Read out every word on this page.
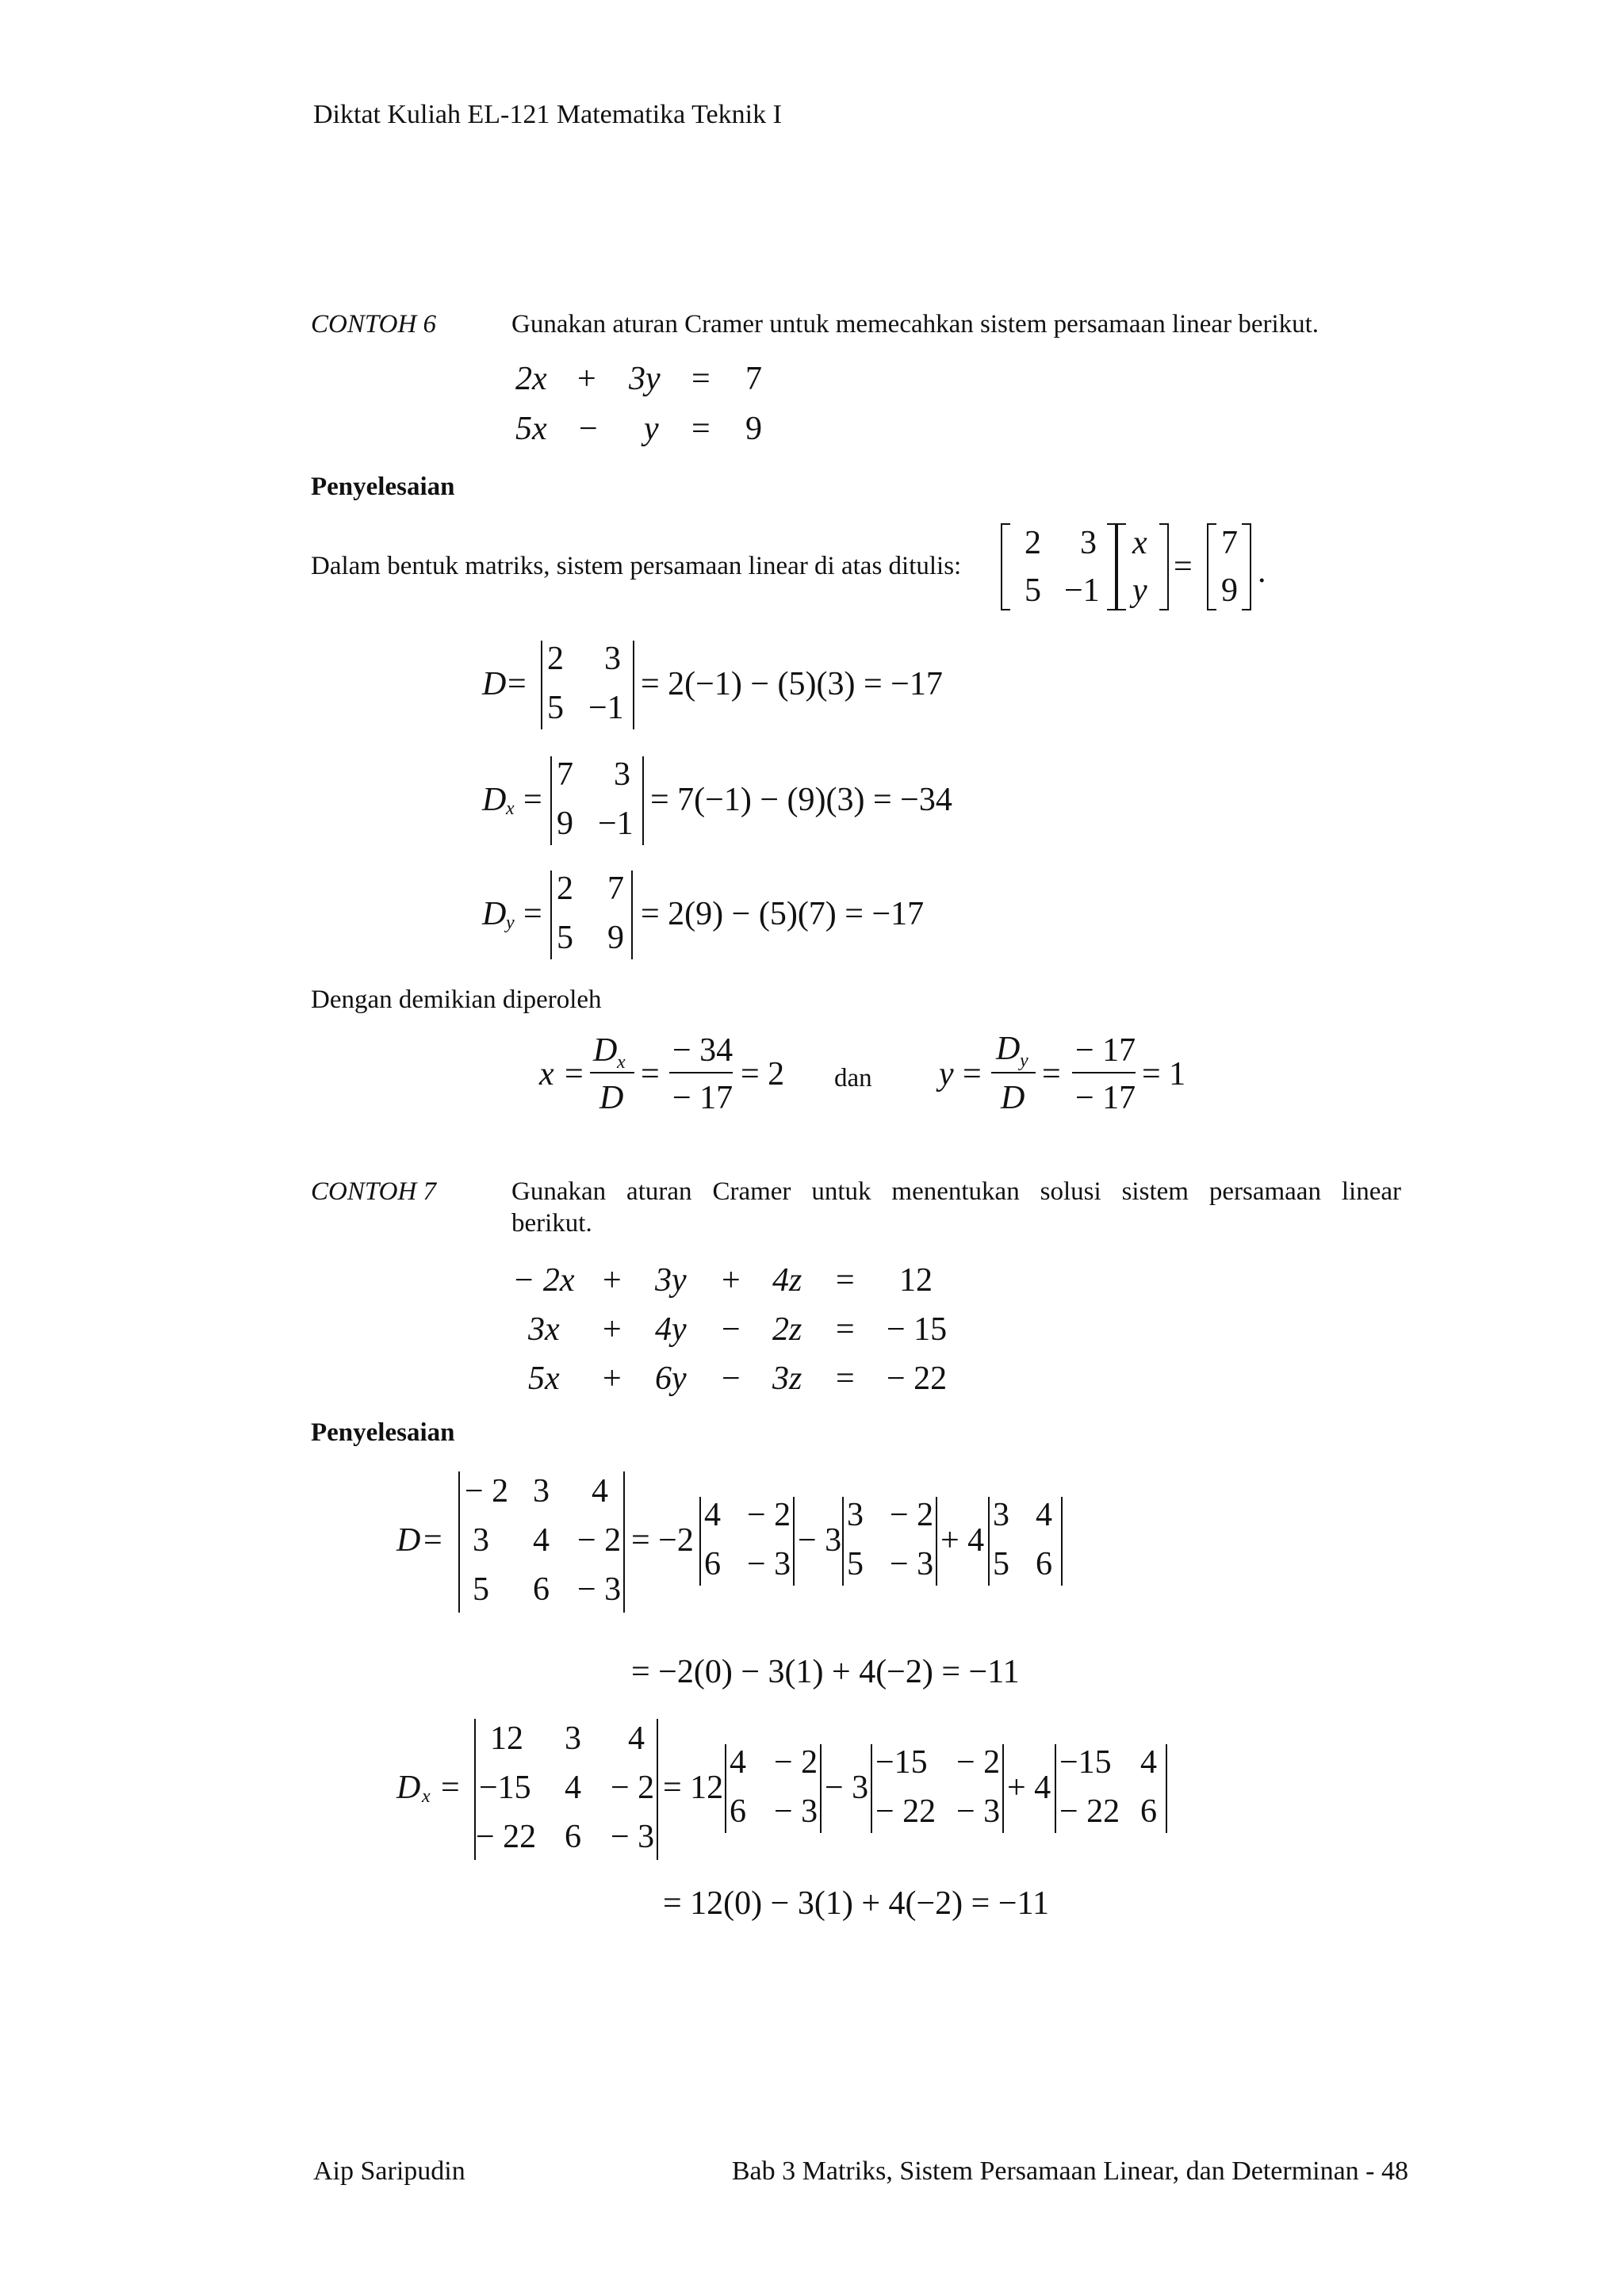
Diktat Kuliah EL-121 Matematika Teknik I
CONTOH 6	Gunakan aturan Cramer untuk memecahkan sistem persamaan linear berikut.
2x + 3y = 7
5x − y = 9
Penyelesaian
Dalam bentuk matriks, sistem persamaan linear di atas ditulis:
2 3
5 −1
x
y
=
7
9
.
D =
2 3
5 −1
= 2(−1) − (5)(3) = −17
D x =
7 3
9 −1
= 7(−1) − (9)(3) = −34
D y =
2 7
5 9
= 2(9) − (5)(7) = −17
Dengan demikian diperoleh
x =
D x
D
=
− 34
− 17
= 2 dan y =
D y
D
=
− 17
− 17
= 1
CONTOH 7	Gunakan aturan Cramer untuk menentukan solusi sistem persamaan linear
berikut.
− 2x + 3y + 4z = 12
3x + 4y − 2z = − 15
5x + 6y − 3z = − 22
Penyelesaian
D =
− 2 3 4
3 4 − 2
5 6 − 3
= −2
4 − 2
6 − 3
− 3
3 − 2
5 − 3
+ 4
3 4
5 6
= −2(0) − 3(1) + 4(−2) = −11
D x =
12 3 4
−15 4 − 2
− 22 6 − 3
= 12
4 − 2
6 − 3
− 3
−15 − 2
− 22 − 3
+ 4
−15 4
− 22 6
= 12(0) − 3(1) + 4(−2) = −11
Aip Saripudin	Bab 3 Matriks, Sistem Persamaan Linear, dan Determinan - 48
